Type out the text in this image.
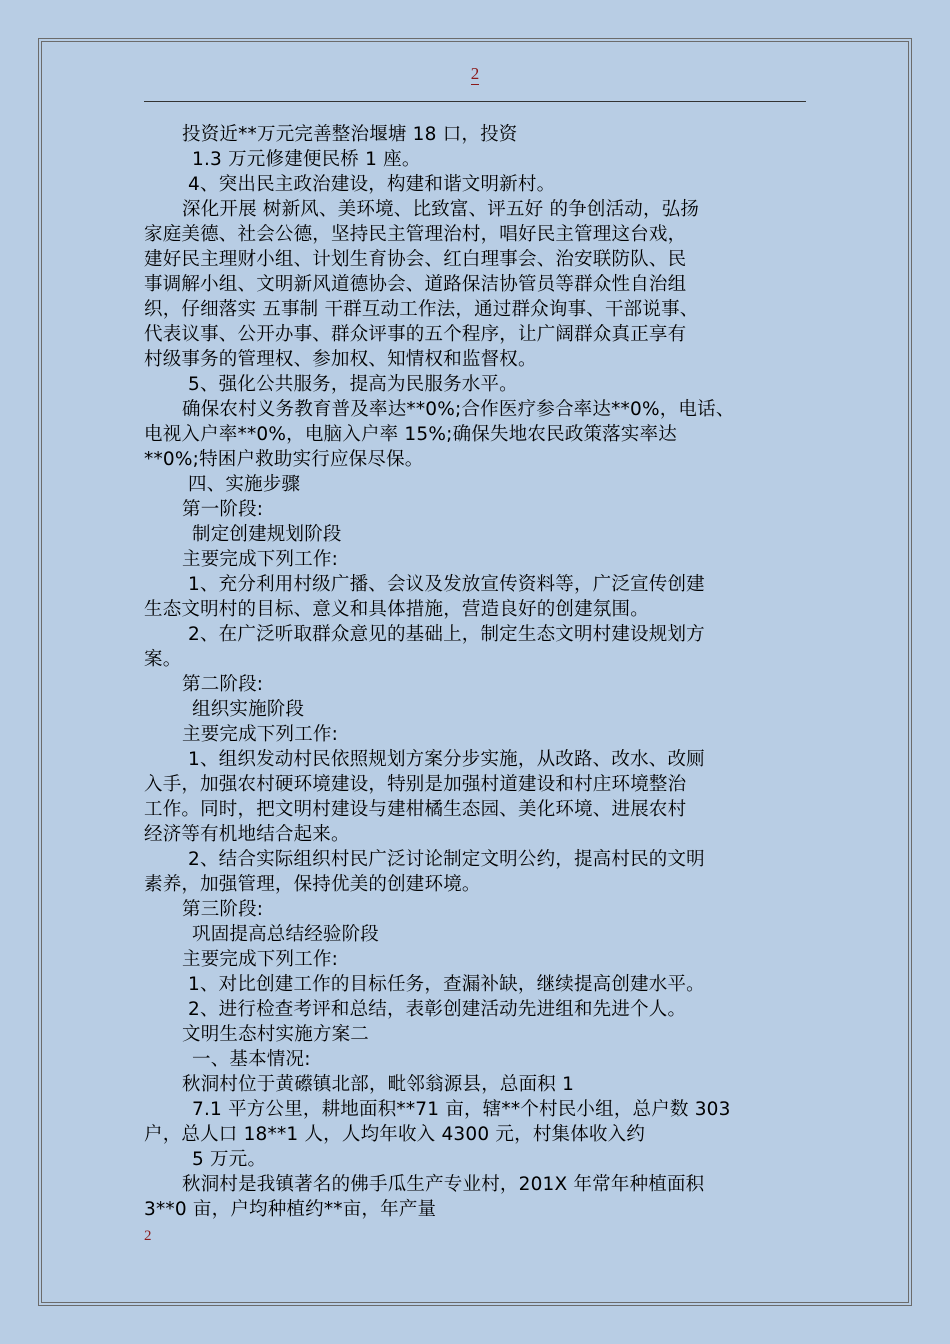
2
投资近**万元完善整治堰塘 18 口，投资
1.3 万元修建便民桥 1 座。
4、突出民主政治建设，构建和谐文明新村。
深化开展 树新风、美环境、比致富、评五好 的争创活动，弘扬
家庭美德、社会公德，坚持民主管理治村，唱好民主管理这台戏，
建好民主理财小组、计划生育协会、红白理事会、治安联防队、民
事调解小组、文明新风道德协会、道路保洁协管员等群众性自治组
织，仔细落实 五事制 干群互动工作法，通过群众询事、干部说事、
代表议事、公开办事、群众评事的五个程序，让广阔群众真正享有
村级事务的管理权、参加权、知情权和监督权。
5、强化公共服务，提高为民服务水平。
确保农村义务教育普及率达**0%;合作医疗参合率达**0%，电话、
电视入户率**0%，电脑入户率 15%;确保失地农民政策落实率达
**0%;特困户救助实行应保尽保。
四、实施步骤
第一阶段:
制定创建规划阶段
主要完成下列工作:
1、充分利用村级广播、会议及发放宣传资料等，广泛宣传创建
生态文明村的目标、意义和具体措施，营造良好的创建氛围。
2、在广泛听取群众意见的基础上，制定生态文明村建设规划方
案。
第二阶段:
组织实施阶段
主要完成下列工作:
1、组织发动村民依照规划方案分步实施，从改路、改水、改厕
入手，加强农村硬环境建设，特别是加强村道建设和村庄环境整治
工作。同时，把文明村建设与建柑橘生态园、美化环境、进展农村
经济等有机地结合起来。
2、结合实际组织村民广泛讨论制定文明公约，提高村民的文明
素养，加强管理，保持优美的创建环境。
第三阶段:
巩固提高总结经验阶段
主要完成下列工作:
1、对比创建工作的目标任务，查漏补缺，继续提高创建水平。
2、进行检查考评和总结，表彰创建活动先进组和先进个人。
文明生态村实施方案二
一、基本情况:
秋洞村位于黄礤镇北部，毗邻翁源县，总面积 1
7.1 平方公里，耕地面积**71 亩，辖**个村民小组，总户数 303
户，总人口 18**1 人，人均年收入 4300 元，村集体收入约
5 万元。
秋洞村是我镇著名的佛手瓜生产专业村，201X 年常年种植面积
3**0 亩，户均种植约**亩，年产量
2
